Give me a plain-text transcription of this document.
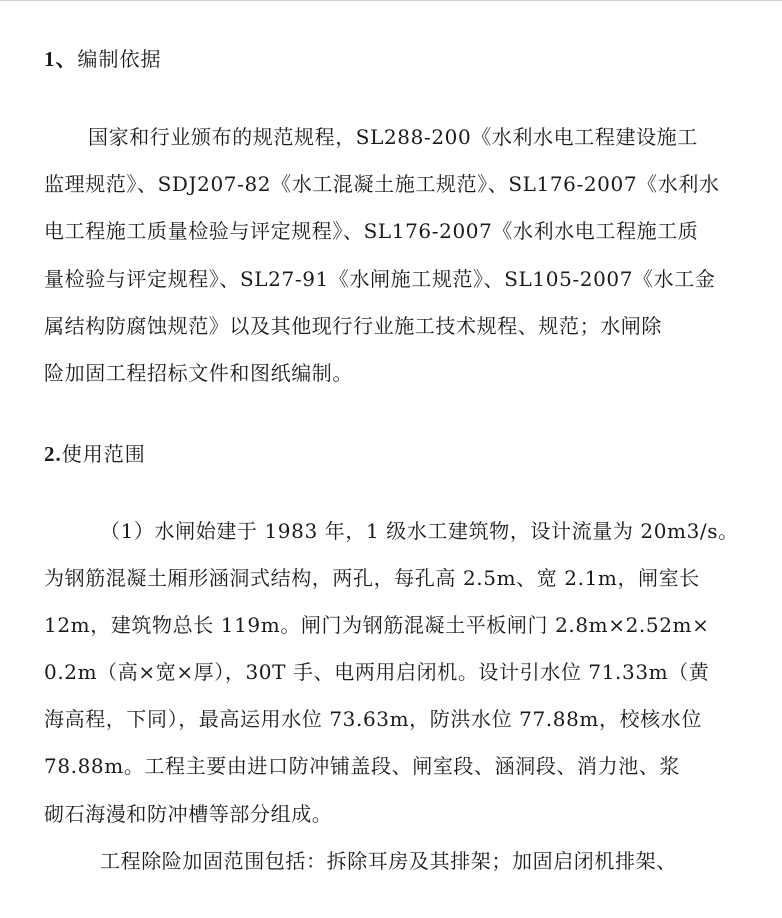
1、编制依据
国家和行业颁布的规范规程，SL288-200《水利水电工程建设施工
监理规范》、SDJ207-82《水工混凝土施工规范》、SL176-2007《水利水
电工程施工质量检验与评定规程》、SL176-2007《水利水电工程施工质
量检验与评定规程》、SL27-91《水闸施工规范》、SL105-2007《水工金
属结构防腐蚀规范》以及其他现行行业施工技术规程、规范；水闸除
险加固工程招标文件和图纸编制。
2.使用范围
（1）水闸始建于 1983 年，1 级水工建筑物，设计流量为 20m3/s。
为钢筋混凝土厢形涵洞式结构，两孔，每孔高 2.5m、宽 2.1m，闸室长
12m，建筑物总长 119m。闸门为钢筋混凝土平板闸门 2.8m×2.52m×
0.2m（高×宽×厚），30T 手、电两用启闭机。设计引水位 71.33m（黄
海高程，下同），最高运用水位 73.63m，防洪水位 77.88m，校核水位
78.88m。工程主要由进口防冲铺盖段、闸室段、涵洞段、消力池、浆
砌石海漫和防冲槽等部分组成。
工程除险加固范围包括：拆除耳房及其排架；加固启闭机排架、
